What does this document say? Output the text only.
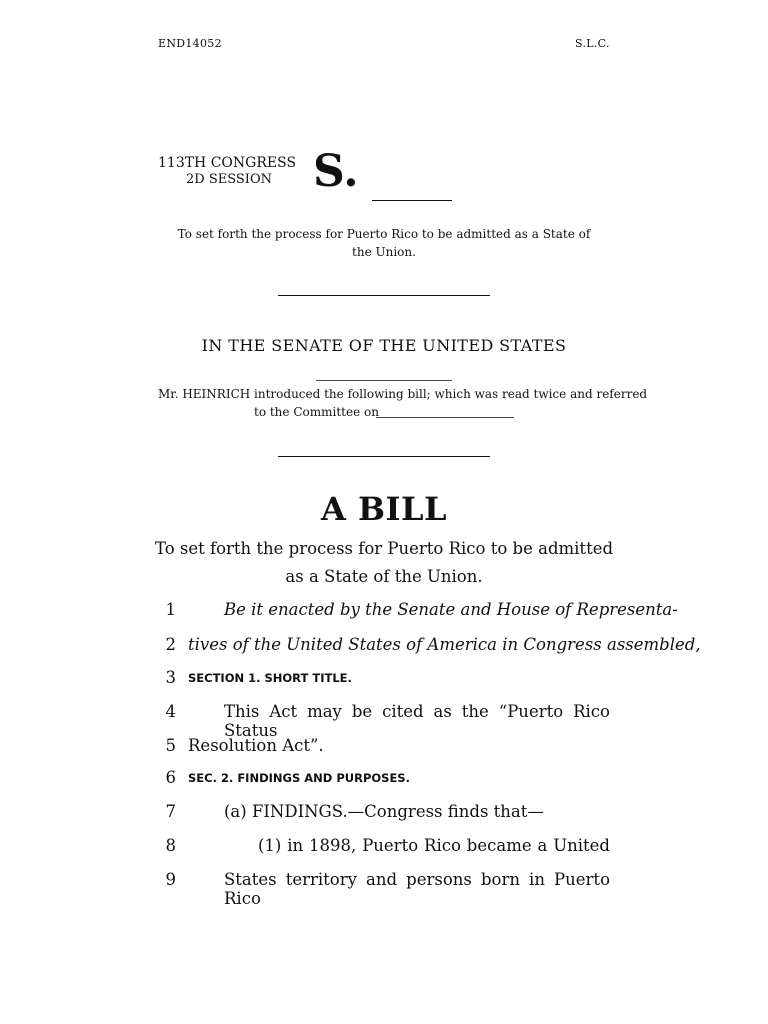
END14052	S.L.C.
113TH CONGRESS
2D SESSION S.
To set forth the process for Puerto Rico to be admitted as a State of
the Union.
IN THE SENATE OF THE UNITED STATES
Mr. HEINRICH introduced the following bill; which was read twice and referred
to the Committee on
A BILL
To set forth the process for Puerto Rico to be admitted
as a State of the Union.
1	Be it enacted by the Senate and House of Representa-
2 tives of the United States of America in Congress assembled,
3 SECTION 1. SHORT TITLE.
4	This Act may be cited as the “Puerto Rico Status
5 Resolution Act”.
6 SEC. 2. FINDINGS AND PURPOSES.
7	(a) FINDINGS.—Congress finds that—
8	(1) in 1898, Puerto Rico became a United
9	States territory and persons born in Puerto Rico
